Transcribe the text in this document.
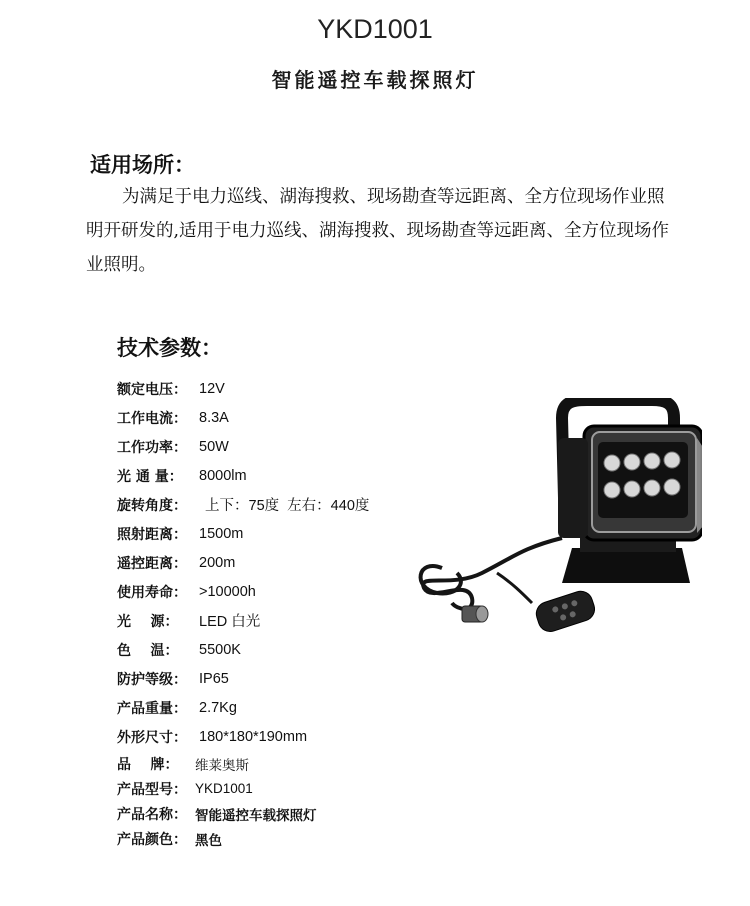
YKD1001
智能遥控车载探照灯
适用场所：
为满足于电力巡线、湖海搜救、现场勘查等远距离、全方位现场作业照明开研发的,适用于电力巡线、湖海搜救、现场勘查等远距离、全方位现场作业照明。
技术参数：
额定电压： 12V
工作电流： 8.3A
工作功率： 50W
光 通 量：	8000lm
旋转角度：	上下：75度  左右：440度
照射距离： 1500m
遥控距离： 200m
使用寿命： >10000h
光    源：	LED 白光
色    温：	5500K
防护等级： IP65
产品重量： 2.7Kg
外形尺寸： 180*180*190mm
品    牌：	维莱奥斯
产品型号： YKD1001
产品名称： 智能遥控车载探照灯
产品颜色： 黑色
